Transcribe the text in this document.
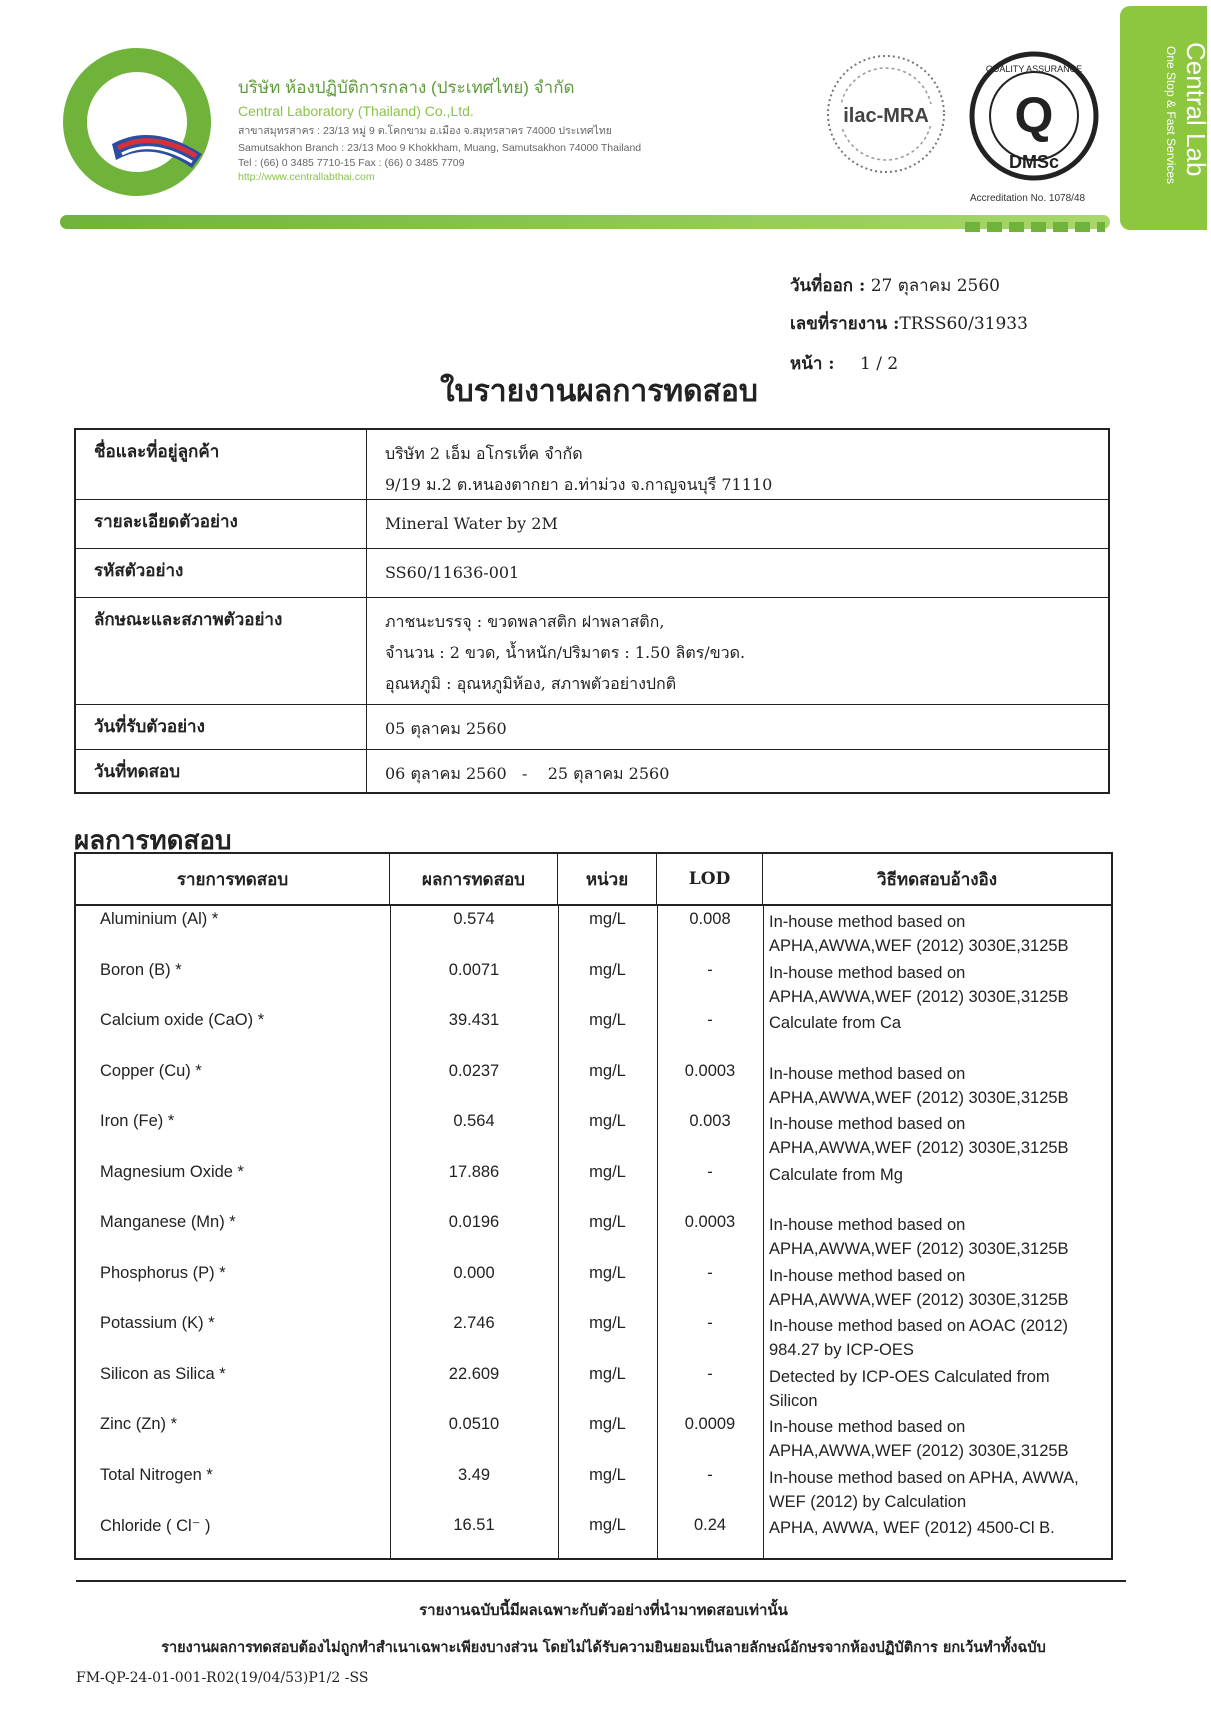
บริษัท ห้องปฏิบัติการกลาง (ประเทศไทย) จำกัด
Central Laboratory (Thailand) Co.,Ltd.
สาขาสมุทรสาคร : 23/13 หมู่ 9 ต.โคกขาม อ.เมือง จ.สมุทรสาคร 74000 ประเทศไทย
Samutsakhon Branch : 23/13 Moo 9 Khokkham, Muang, Samutsakhon 74000 Thailand
Tel : (66) 0 3485 7710-15 Fax : (66) 0 3485 7709
http://www.centrallabthai.com
ilac-MRA Q
DMSc
QUALITY ASSURANCE
Accreditation No. 1078/48
Central Lab
One Stop & Fast Services
วันที่ออก : 27 ตุลาคม 2560
เลขที่รายงาน :TRSS60/31933
หน้า : 1 / 2
ใบรายงานผลการทดสอบ
ชื่อและที่อยู่ลูกค้า	บริษัท 2 เอ็ม อโกรเท็ค จำกัด
9/19 ม.2 ต.หนองตากยา อ.ท่าม่วง จ.กาญจนบุรี 71110
รายละเอียดตัวอย่าง	Mineral Water by 2M
รหัสตัวอย่าง	SS60/11636-001
ลักษณะและสภาพตัวอย่าง	ภาชนะบรรจุ : ขวดพลาสติก ฝาพลาสติก,
จำนวน : 2 ขวด, น้ำหนัก/ปริมาตร : 1.50 ลิตร/ขวด.
อุณหภูมิ : อุณหภูมิห้อง, สภาพตัวอย่างปกติ
วันที่รับตัวอย่าง	05 ตุลาคม 2560
วันที่ทดสอบ	06 ตุลาคม 2560   -    25 ตุลาคม 2560
ผลการทดสอบ
รายการทดสอบ	ผลการทดสอบ	หน่วย	LOD	วิธีทดสอบอ้างอิง
Aluminium (Al) *	0.574	mg/L	0.008	In-house method based on
APHA,AWWA,WEF (2012) 3030E,3125B
Boron (B) *	0.0071	mg/L	-	In-house method based on
APHA,AWWA,WEF (2012) 3030E,3125B
Calcium oxide (CaO) *	39.431	mg/L	-	Calculate from Ca
Copper (Cu) *	0.0237	mg/L	0.0003	In-house method based on
APHA,AWWA,WEF (2012) 3030E,3125B
Iron (Fe) *	0.564	mg/L	0.003	In-house method based on
APHA,AWWA,WEF (2012) 3030E,3125B
Magnesium Oxide *	17.886	mg/L	-	Calculate from Mg
Manganese (Mn) *	0.0196	mg/L	0.0003	In-house method based on
APHA,AWWA,WEF (2012) 3030E,3125B
Phosphorus (P) *	0.000	mg/L	-	In-house method based on
APHA,AWWA,WEF (2012) 3030E,3125B
Potassium (K) *	2.746	mg/L	-	In-house method based on AOAC (2012)
984.27 by ICP-OES
Silicon as Silica *	22.609	mg/L	-	Detected by ICP-OES Calculated from
Silicon
Zinc (Zn) *	0.0510	mg/L	0.0009	In-house method based on
APHA,AWWA,WEF (2012) 3030E,3125B
Total Nitrogen *	3.49	mg/L	-	In-house method based on APHA, AWWA,
WEF (2012) by Calculation
Chloride ( Cl⁻ )	16.51	mg/L	0.24	APHA, AWWA, WEF (2012) 4500-Cl B.
รายงานฉบับนี้มีผลเฉพาะกับตัวอย่างที่นำมาทดสอบเท่านั้น
รายงานผลการทดสอบต้องไม่ถูกทำสำเนาเฉพาะเพียงบางส่วน โดยไม่ได้รับความยินยอมเป็นลายลักษณ์อักษรจากห้องปฏิบัติการ ยกเว้นทำทั้งฉบับ
FM-QP-24-01-001-R02(19/04/53)P1/2 -SS
